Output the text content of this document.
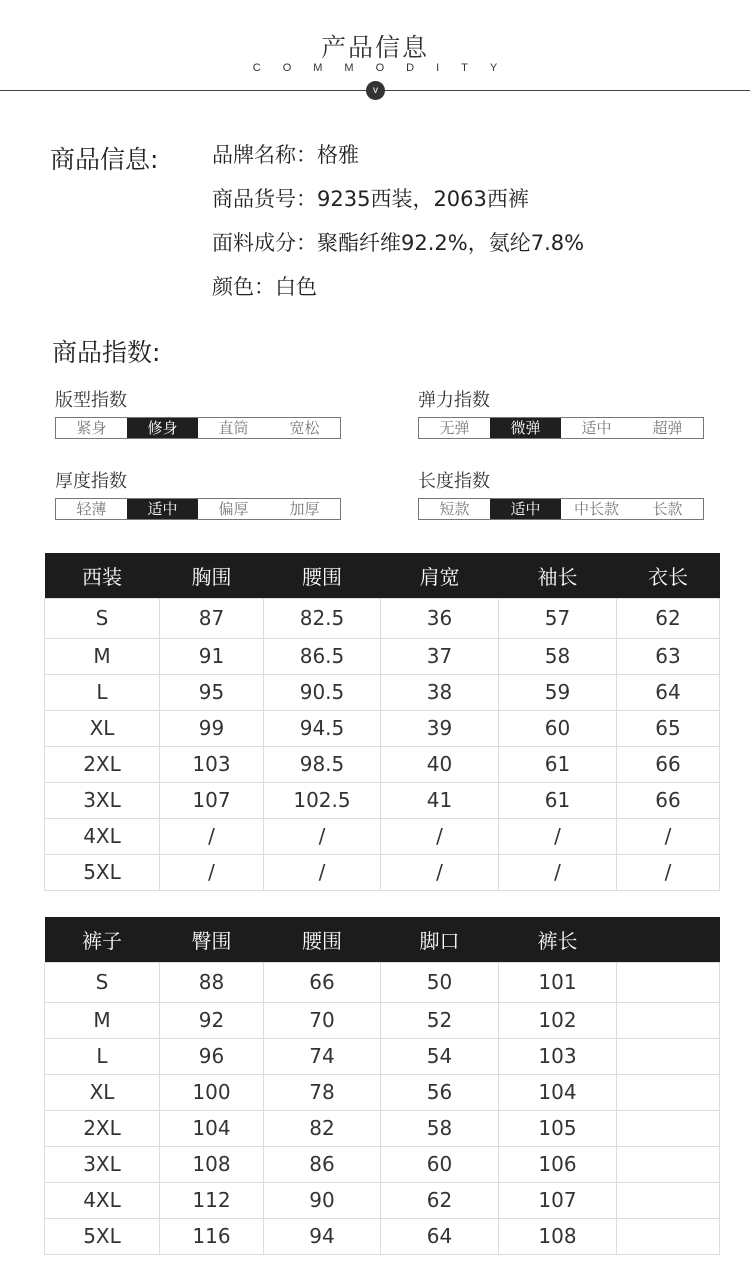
产品信息
COMMODITY
v
商品信息:	品牌名称：格雅
商品货号：9235西装，2063西裤
面料成分：聚酯纤维92.2%，氨纶7.8%
颜色：白色
商品指数:
版型指数
紧身	修身	直筒	宽松
弹力指数
无弹	微弹	适中	超弹
厚度指数
轻薄	适中	偏厚	加厚
长度指数
短款	适中	中长款	长款
西装	胸围	腰围	肩宽	袖长	衣长
S	87	82.5	36	57	62
M	91	86.5	37	58	63
L	95	90.5	38	59	64
XL	99	94.5	39	60	65
2XL	103	98.5	40	61	66
3XL	107	102.5	41	61	66
4XL	/	/	/	/	/
5XL	/	/	/	/	/
裤子	臀围	腰围	脚口	裤长	
S	88	66	50	101	
M	92	70	52	102	
L	96	74	54	103	
XL	100	78	56	104	
2XL	104	82	58	105	
3XL	108	86	60	106	
4XL	112	90	62	107	
5XL	116	94	64	108	
